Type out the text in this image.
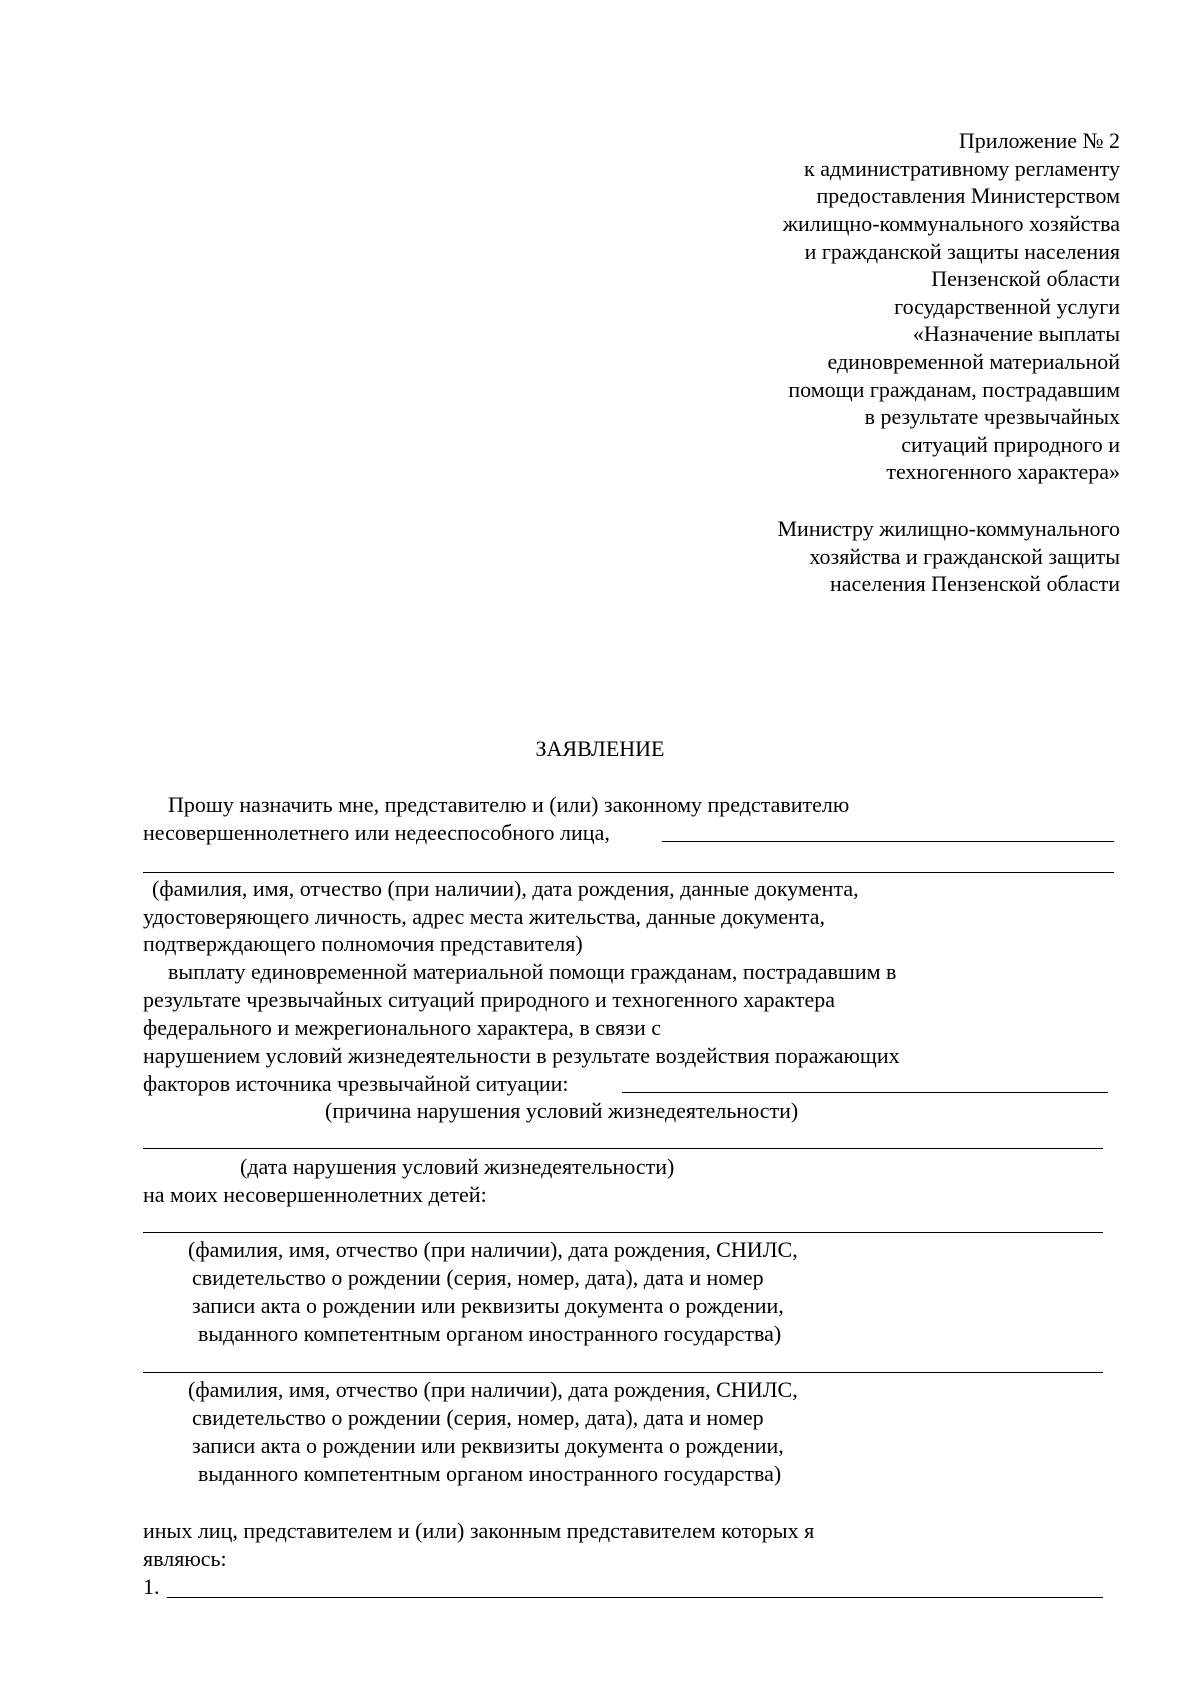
Приложение № 2

к административному регламенту

предоставления Министерством

жилищно-коммунального хозяйства

и гражданской защиты населения

Пензенской области

государственной услуги

«Назначение выплаты

единовременной материальной

помощи гражданам, пострадавшим

в результате чрезвычайных

ситуаций природного и

техногенного характера»

Министру жилищно-коммунального

хозяйства и гражданской защиты

населения Пензенской области

ЗАЯВЛЕНИЕ

Прошу назначить мне, представителю и (или) законному представителю

несовершеннолетнего или недееспособного лица,

(фамилия, имя, отчество (при наличии), дата рождения, данные документа,

удостоверяющего личность, адрес места жительства, данные документа,

подтверждающего полномочия представителя)

выплату единовременной материальной помощи гражданам, пострадавшим в

результате чрезвычайных ситуаций природного и техногенного характера

федерального и межрегионального характера, в связи с

нарушением условий жизнедеятельности в результате воздействия поражающих

факторов источника чрезвычайной ситуации:

(причина нарушения условий жизнедеятельности)

(дата нарушения условий жизнедеятельности)

на моих несовершеннолетних детей:

(фамилия, имя, отчество (при наличии), дата рождения, СНИЛС,

свидетельство о рождении (серия, номер, дата), дата и номер

записи акта о рождении или реквизиты документа о рождении,

выданного компетентным органом иностранного государства)

(фамилия, имя, отчество (при наличии), дата рождения, СНИЛС,

свидетельство о рождении (серия, номер, дата), дата и номер

записи акта о рождении или реквизиты документа о рождении,

выданного компетентным органом иностранного государства)

иных лиц, представителем и (или) законным представителем которых я

являюсь:

1.
